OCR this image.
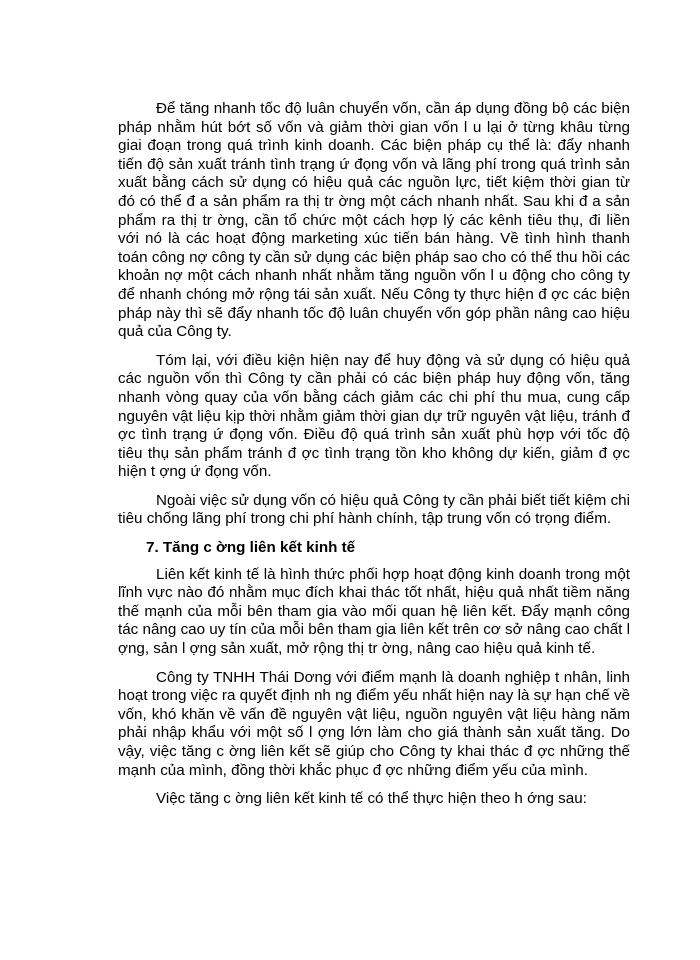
Để tăng nhanh tốc độ luân chuyển vốn, cần áp dụng đồng bộ các biện pháp nhằm hút bớt số vốn và giảm thời gian vốn l u lại ở từng khâu từng giai đoạn trong quá trình kinh doanh. Các biện pháp cụ thể là: đẩy nhanh tiến độ sản xuất tránh tình trạng ứ đọng vốn và lãng phí trong quá trình sản xuất bằng cách sử dụng có hiệu quả các nguồn lực, tiết kiệm thời gian từ đó có thể đ a sản phẩm ra thị tr ờng một cách nhanh nhất. Sau khi đ a sản phẩm ra thị tr ờng, cần tổ chức một cách hợp lý các kênh tiêu thụ, đi liền với nó là các hoạt động marketing xúc tiến bán hàng. Về tình hình thanh toán công nợ công ty cần sử dụng các biện pháp sao cho có thể thu hồi các khoản nợ một cách nhanh nhất nhằm tăng nguồn vốn l u động cho công ty để nhanh chóng mở rộng tái sản xuất. Nếu Công ty thực hiện đ ợc các biện pháp này thì sẽ đẩy nhanh tốc độ luân chuyển vốn góp phần nâng cao hiệu quả của Công ty.

Tóm lại, với điều kiện hiện nay để huy động và sử dụng có hiệu quả các nguồn vốn thì Công ty cần phải có các biện pháp huy động vốn, tăng nhanh vòng quay của vốn bằng cách giảm các chi phí thu mua, cung cấp nguyên vật liệu kịp thời nhằm giảm thời gian dự trữ nguyên vật liệu, tránh đ ợc tình trạng ứ đọng vốn. Điều độ quá trình sản xuất phù hợp với tốc độ tiêu thụ sản phẩm tránh đ ợc tình trạng tồn kho không dự kiến, giảm đ ợc hiện t ợng ứ đọng vốn.

Ngoài việc sử dụng vốn có hiệu quả Công ty cần phải biết tiết kiệm chi tiêu chống lãng phí trong chi phí hành chính, tập trung vốn có trọng điểm.

7. Tăng c ờng liên kết kinh tế

Liên kết kinh tế là hình thức phối hợp hoạt động kinh doanh trong một lĩnh vực nào đó nhằm mục đích khai thác tốt nhất, hiệu quả nhất tiềm năng thế mạnh của mỗi bên tham gia vào mối quan hệ liên kết. Đẩy mạnh công tác nâng cao uy tín của mỗi bên tham gia liên kết trên cơ sở nâng cao chất l ợng, sản l ợng sản xuất, mở rộng thị tr ờng, nâng cao hiệu quả kinh tế.

Công ty TNHH Thái Dơng với điểm mạnh là doanh nghiệp t nhân, linh hoạt trong việc ra quyết định nh ng điểm yếu nhất hiện nay là sự hạn chế về vốn, khó khăn về vấn đề nguyên vật liệu, nguồn nguyên vật liệu hàng năm phải nhập khẩu với một số l ợng lớn làm cho giá thành sản xuất tăng. Do vậy, việc tăng c ờng liên kết sẽ giúp cho Công ty khai thác đ ợc những thế mạnh của mình, đồng thời khắc phục đ ợc những điểm yếu của mình.

Việc tăng c ờng liên kết kinh tế có thể thực hiện theo h ớng sau:
